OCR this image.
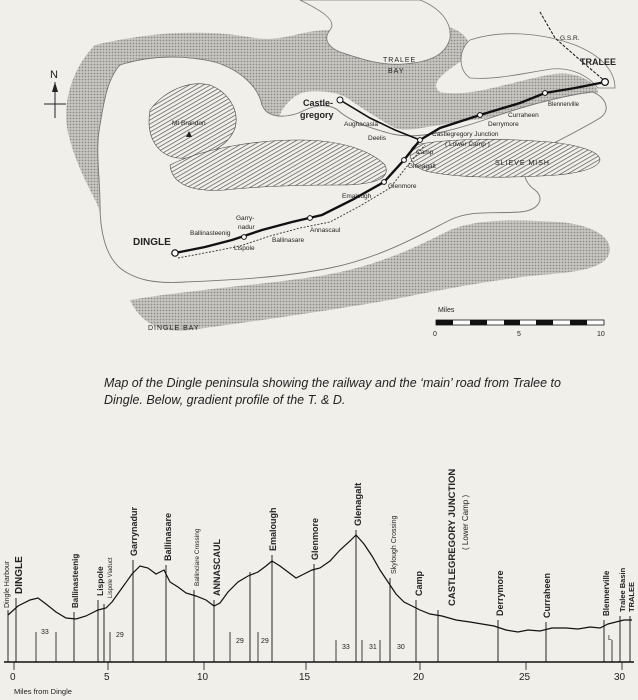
N
TRALEE
BAY
DINGLE BAY
G.S.R.
TRALEE
DINGLE
Castle-
gregory
Blennerville
Curraheen
Derrymore
Aughacasla
Deelis
Castlegregory Junction
( Lower Camp )
Camp
Glenagalt
Glenmore
Emalough
Annascaul
Ballinasare
Garry-
nadur
Lispole
Ballinasteenig
Mt Brandon
SLIEVE MISH
Miles
0	5	10
33	29
29 29
33	31	30
L
Dingle Harbour DINGLE	Ballinasteenig Lispole Lispole Viaduct
Garrynadur	Ballinasare	Ballinclare Crossing ANNASCAUL
Emalough	Glenmore
Glenagalt
Skylough Crossing
Camp CASTLEGREGORY JUNCTION ( Lower Camp )
Derrymore	Curraheen	Blennerville Tralee Basin TRALEE
0	5	10	15	20	25	30
Miles from Dingle
Map of the Dingle peninsula showing the railway and the ‘main’ road from Tralee to
Dingle. Below, gradient profile of the T. & D.
